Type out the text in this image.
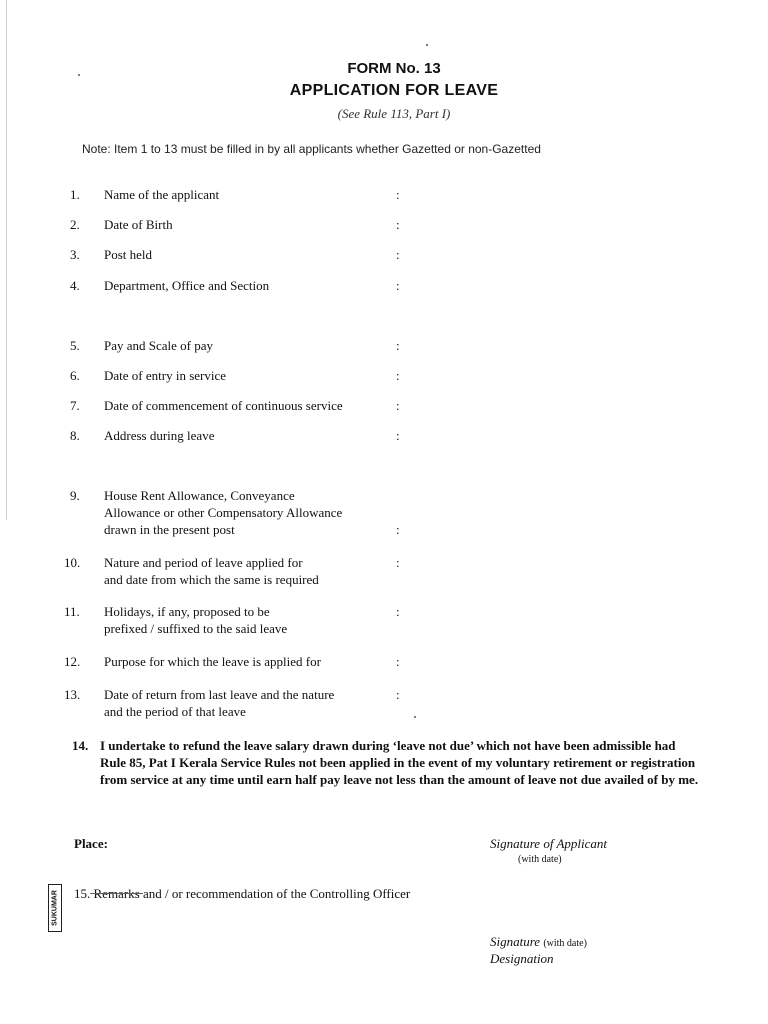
FORM No. 13
APPLICATION FOR LEAVE
(See Rule 113, Part I)
Note: Item 1 to 13 must be filled in by all applicants whether Gazetted or non-Gazetted
1. Name of the applicant	:
2. Date of Birth	:
3. Post held	:
4. Department, Office and Section	:
5. Pay and Scale of pay	:
6. Date of entry in service	:
7. Date of commencement of continuous service	:
8. Address during leave	:
9. House Rent Allowance, Conveyance
Allowance or other Compensatory Allowance
drawn in the present post	:
10. Nature and period of leave applied for
and date from which the same is required
:
11. Holidays, if any, proposed to be
prefixed / suffixed to the said leave
:
12. Purpose for which the leave is applied for	:
13. Date of return from last leave and the nature
and the period of that leave
:
14. I undertake to refund the leave salary drawn during ‘leave not due’ which not have been admissible had Rule 85, Pat I Kerala Service Rules not been applied in the event of my voluntary retirement or registration from service at any time until earn half pay leave not less than the amount of leave not due availed of by me.
Place:	Signature of Applicant
(with date)
SUKUMAR 15. Remarks and / or recommendation of the Controlling Officer
Signature (with date)
Designation
